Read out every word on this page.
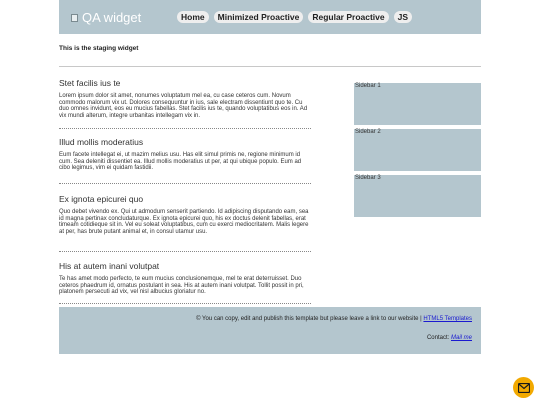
QA widget	Home	Minimized Proactive	Regular Proactive	JS
This is the staging widget

Stet facilis ius te

Lorem ipsum dolor sit amet, nonumes voluptatum mel ea, cu case ceteros cum. Novum commodo malorum vix ut. Dolores consequuntur in ius, sale electram dissentiunt quo te. Cu duo omnes invidunt, eos eu mucius fabellas. Stet facilis ius te, quando voluptatibus eos in. Ad vix mundi alterum, integre urbanitas intellegam vix in.

Illud mollis moderatius

Eum facete intellegat ei, ut mazim melius usu. Has elit simul primis ne, regione minimum id cum. Sea deleniti dissentiet ea. Illud mollis moderatius ut per, at qui ubique populo. Eum ad cibo legimus, vim ei quidam fastidii.

Ex ignota epicurei quo

Quo debet vivendo ex. Qui ut admodum senserit partiendo. Id adipiscing disputando eam, sea id magna pertinax concludaturque. Ex ignota epicurei quo, his ex doctus delenit fabellas, erat timeam cotidieque sit in. Vel eu soleat voluptatibus, cum cu exerci mediocritatem. Malis legere at per, has brute putant animal et, in consul utamur usu.

His at autem inani volutpat

Te has amet modo perfecto, te eum mucius conclusionemque, mel te erat deterruisset. Duo ceteros phaedrum id, ornatus postulant in sea. His at autem inani volutpat. Tollit possit in pri, platonem persecuti ad vix, vel nisl albucius gloriatur no.

Sidebar 1
Sidebar 2
Sidebar 3
© You can copy, edit and publish this template but please leave a link to our website | HTML5 Templates
Contact: Mail me
